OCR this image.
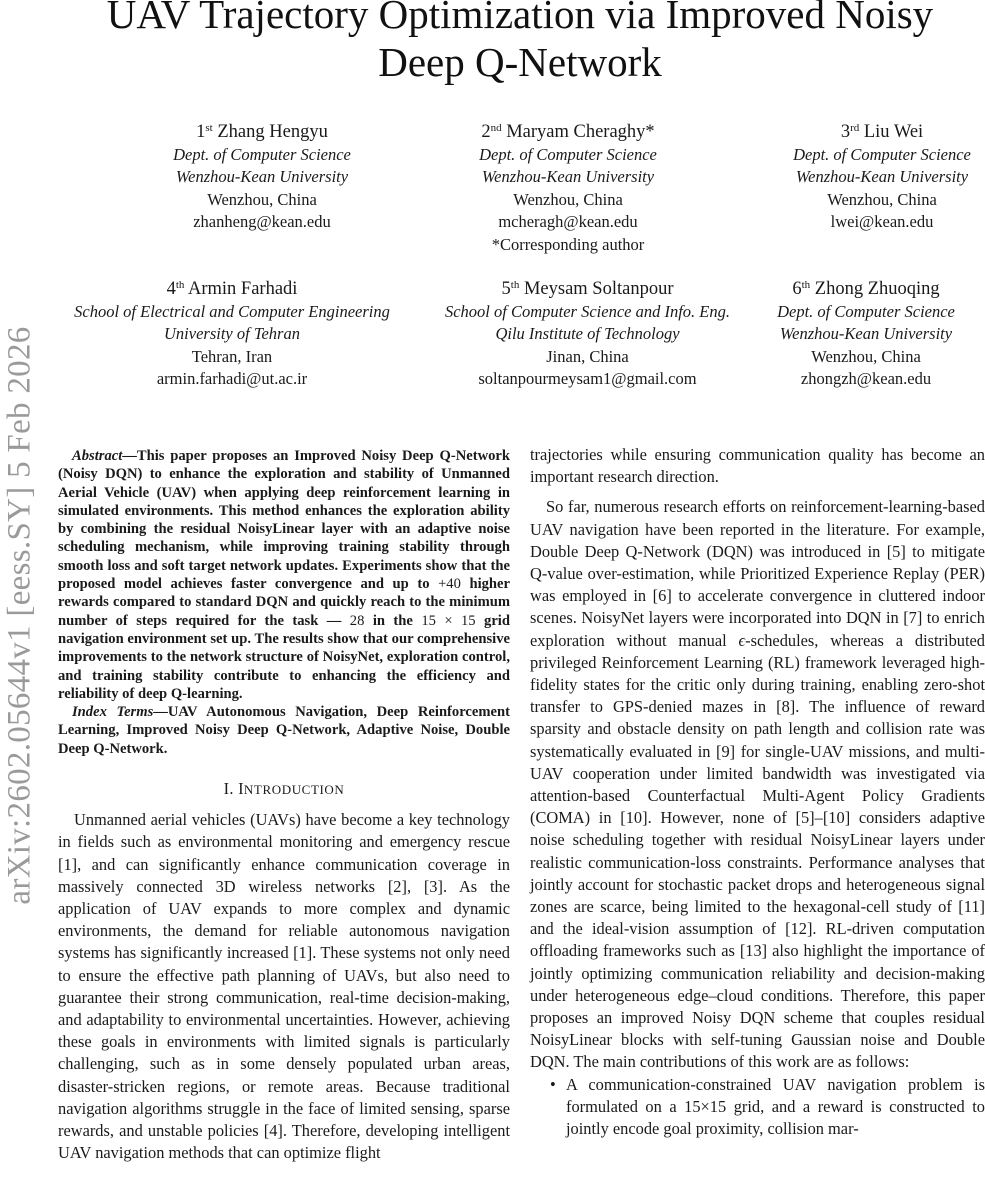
arXiv:2602.05644v1 [eess.SY] 5 Feb 2026
UAV Trajectory Optimization via Improved Noisy
Deep Q-Network
1st Zhang Hengyu
Dept. of Computer Science
Wenzhou-Kean University
Wenzhou, China
zhanheng@kean.edu
2nd Maryam Cheraghy*
Dept. of Computer Science
Wenzhou-Kean University
Wenzhou, China
mcheragh@kean.edu
*Corresponding author
3rd Liu Wei
Dept. of Computer Science
Wenzhou-Kean University
Wenzhou, China
lwei@kean.edu
4th Armin Farhadi
School of Electrical and Computer Engineering
University of Tehran
Tehran, Iran
armin.farhadi@ut.ac.ir
5th Meysam Soltanpour
School of Computer Science and Info. Eng.
Qilu Institute of Technology
Jinan, China
soltanpourmeysam1@gmail.com
6th Zhong Zhuoqing
Dept. of Computer Science
Wenzhou-Kean University
Wenzhou, China
zhongzh@kean.edu

Abstract—This paper proposes an Improved Noisy Deep Q-Network (Noisy DQN) to enhance the exploration and stability of Unmanned Aerial Vehicle (UAV) when applying deep reinforcement learning in simulated environments. This method enhances the exploration ability by combining the residual NoisyLinear layer with an adaptive noise scheduling mechanism, while improving training stability through smooth loss and soft target network updates. Experiments show that the proposed model achieves faster convergence and up to +40 higher rewards compared to standard DQN and quickly reach to the minimum number of steps required for the task — 28 in the 15 × 15 grid navigation environment set up. The results show that our comprehensive improvements to the network structure of NoisyNet, exploration control, and training stability contribute to enhancing the efficiency and reliability of deep Q-learning.

Index Terms—UAV Autonomous Navigation, Deep Reinforcement Learning, Improved Noisy Deep Q-Network, Adaptive Noise, Double Deep Q-Network.

I. INTRODUCTION

Unmanned aerial vehicles (UAVs) have become a key technology in fields such as environmental monitoring and emergency rescue [1], and can significantly enhance communication coverage in massively connected 3D wireless networks [2], [3]. As the application of UAV expands to more complex and dynamic environments, the demand for reliable autonomous navigation systems has significantly increased [1]. These systems not only need to ensure the effective path planning of UAVs, but also need to guarantee their strong communication, real-time decision-making, and adaptability to environmental uncertainties. However, achieving these goals in environments with limited signals is particularly challenging, such as in some densely populated urban areas, disaster-stricken regions, or remote areas. Because traditional navigation algorithms struggle in the face of limited sensing, sparse rewards, and unstable policies [4]. Therefore, developing intelligent UAV navigation methods that can optimize flight

trajectories while ensuring communication quality has become an important research direction.

So far, numerous research efforts on reinforcement-learning-based UAV navigation have been reported in the literature. For example, Double Deep Q-Network (DQN) was introduced in [5] to mitigate Q-value over-estimation, while Prioritized Experience Replay (PER) was employed in [6] to accelerate convergence in cluttered indoor scenes. NoisyNet layers were incorporated into DQN in [7] to enrich exploration without manual ϵ-schedules, whereas a distributed privileged Reinforcement Learning (RL) framework leveraged high-fidelity states for the critic only during training, enabling zero-shot transfer to GPS-denied mazes in [8]. The influence of reward sparsity and obstacle density on path length and collision rate was systematically evaluated in [9] for single-UAV missions, and multi-UAV cooperation under limited bandwidth was investigated via attention-based Counterfactual Multi-Agent Policy Gradients (COMA) in [10]. However, none of [5]–[10] considers adaptive noise scheduling together with residual NoisyLinear layers under realistic communication-loss constraints. Performance analyses that jointly account for stochastic packet drops and heterogeneous signal zones are scarce, being limited to the hexagonal-cell study of [11] and the ideal-vision assumption of [12]. RL-driven computation offloading frameworks such as [13] also highlight the importance of jointly optimizing communication reliability and decision-making under heterogeneous edge–cloud conditions. Therefore, this paper proposes an improved Noisy DQN scheme that couples residual NoisyLinear blocks with self-tuning Gaussian noise and Double DQN. The main contributions of this work are as follows:

• A communication-constrained UAV navigation problem is formulated on a 15×15 grid, and a reward is constructed to jointly encode goal proximity, collision mar-
